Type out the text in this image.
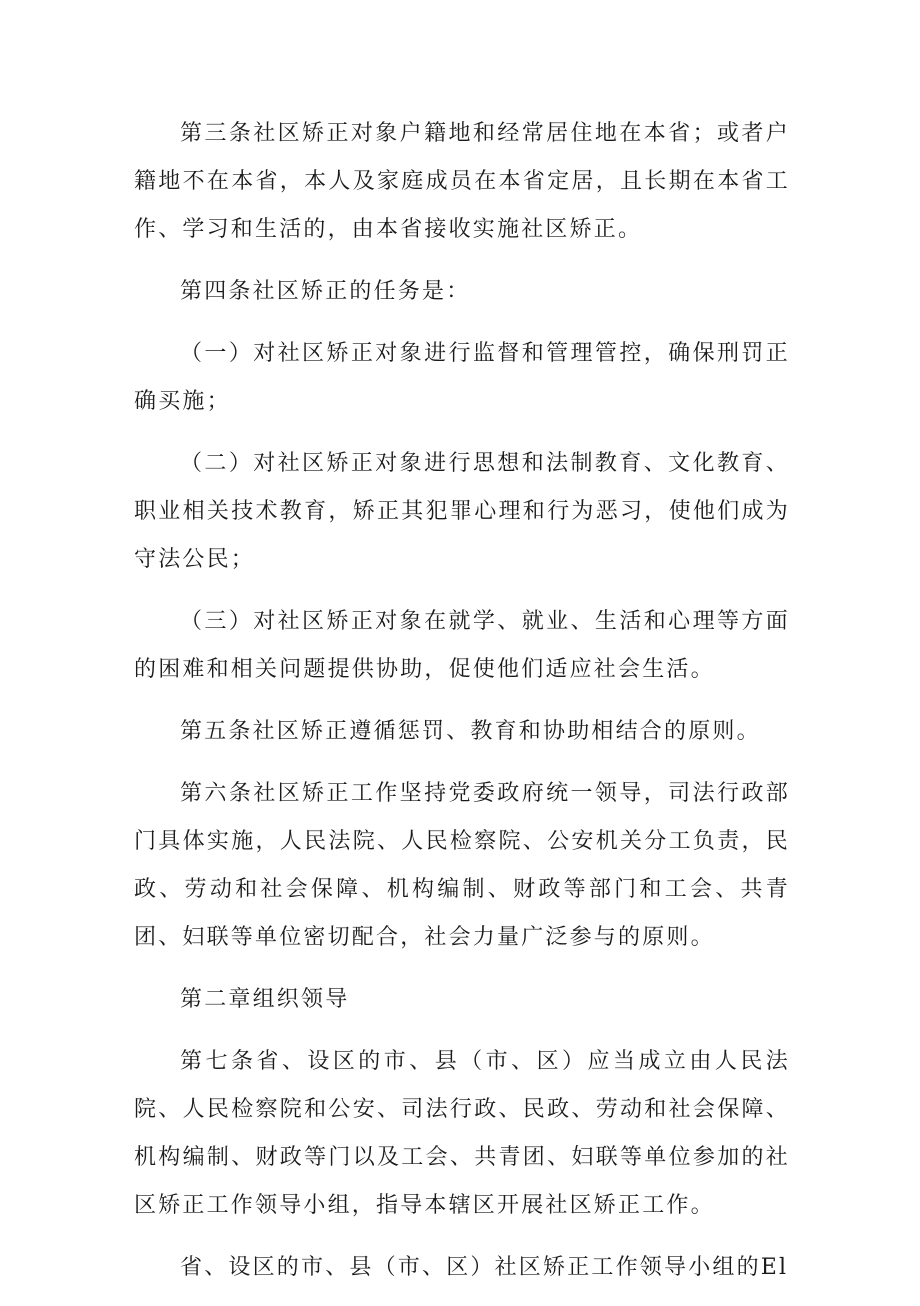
第三条社区矫正对象户籍地和经常居住地在本省；或者户籍地不在本省，本人及家庭成员在本省定居，且长期在本省工作、学习和生活的，由本省接收实施社区矫正。

第四条社区矫正的任务是：

（一）对社区矫正对象进行监督和管理管控，确保刑罚正确买施；

（二）对社区矫正对象进行思想和法制教育、文化教育、职业相关技术教育，矫正其犯罪心理和行为恶习，使他们成为守法公民；

（三）对社区矫正对象在就学、就业、生活和心理等方面的困难和相关问题提供协助，促使他们适应社会生活。

第五条社区矫正遵循惩罚、教育和协助相结合的原则。

第六条社区矫正工作坚持党委政府统一领导，司法行政部门具体实施，人民法院、人民检察院、公安机关分工负责，民政、劳动和社会保障、机构编制、财政等部门和工会、共青团、妇联等单位密切配合，社会力量广泛参与的原则。

第二章组织领导

第七条省、设区的市、县（市、区）应当成立由人民法院、人民检察院和公安、司法行政、民政、劳动和社会保障、机构编制、财政等门以及工会、共青团、妇联等单位参加的社区矫正工作领导小组，指导本辖区开展社区矫正工作。

省、设区的市、县（市、区）社区矫正工作领导小组的El
